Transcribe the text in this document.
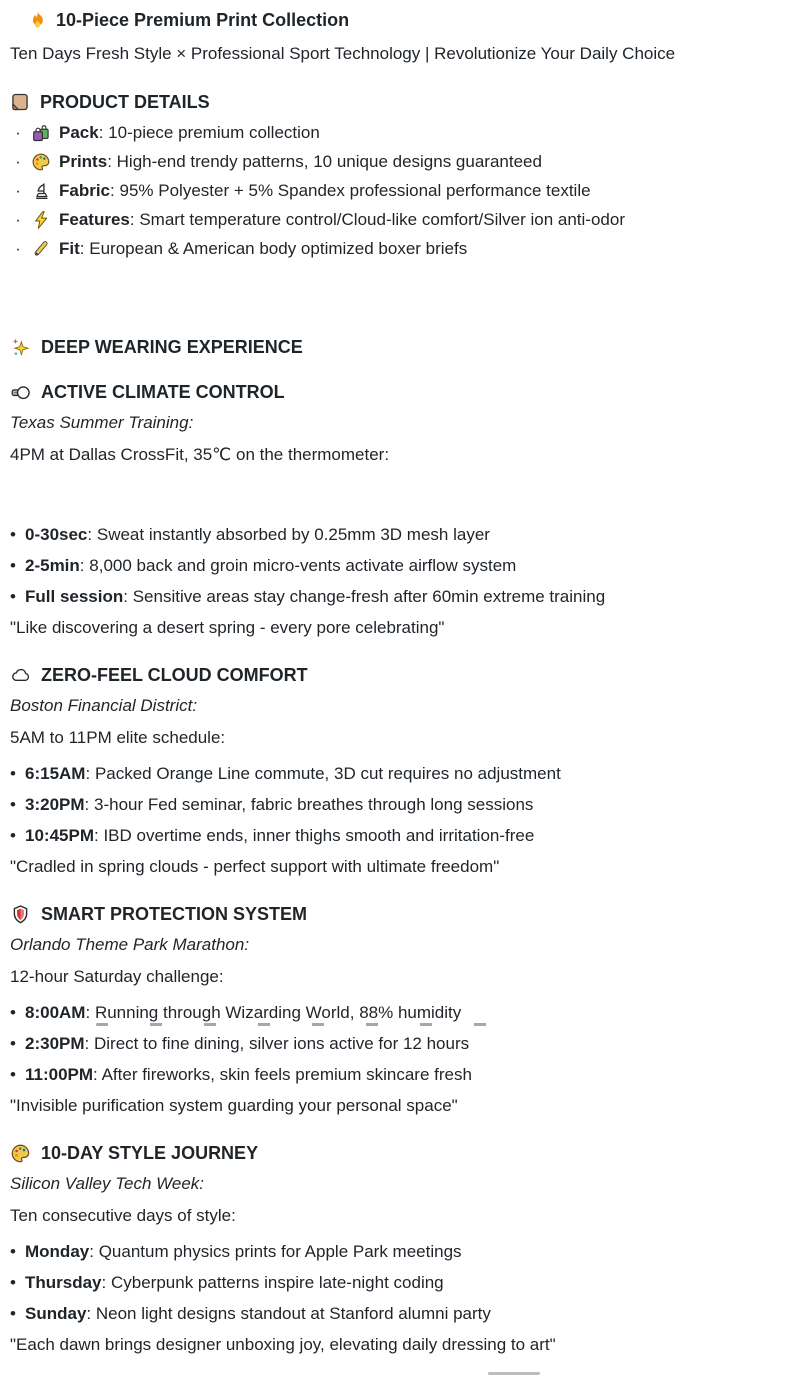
10-Piece Premium Print Collection
Ten Days Fresh Style × Professional Sport Technology | Revolutionize Your Daily Choice
PRODUCT DETAILS
· Pack: 10-piece premium collection
· Prints: High-end trendy patterns, 10 unique designs guaranteed
· Fabric: 95% Polyester + 5% Spandex professional performance textile
· Features: Smart temperature control/Cloud-like comfort/Silver ion anti-odor
· Fit: European & American body optimized boxer briefs
DEEP WEARING EXPERIENCE
ACTIVE CLIMATE CONTROL
Texas Summer Training:
4PM at Dallas CrossFit, 35℃ on the thermometer:
• 0-30sec: Sweat instantly absorbed by 0.25mm 3D mesh layer
• 2-5min: 8,000 back and groin micro-vents activate airflow system
• Full session: Sensitive areas stay change-fresh after 60min extreme training
"Like discovering a desert spring - every pore celebrating"
ZERO-FEEL CLOUD COMFORT
Boston Financial District:
5AM to 11PM elite schedule:
• 6:15AM: Packed Orange Line commute, 3D cut requires no adjustment
• 3:20PM: 3-hour Fed seminar, fabric breathes through long sessions
• 10:45PM: IBD overtime ends, inner thighs smooth and irritation-free
"Cradled in spring clouds - perfect support with ultimate freedom"
SMART PROTECTION SYSTEM
Orlando Theme Park Marathon:
12-hour Saturday challenge:
• 8:00AM: Running through Wizarding World, 88% humidity
• 2:30PM: Direct to fine dining, silver ions active for 12 hours
• 11:00PM: After fireworks, skin feels premium skincare fresh
"Invisible purification system guarding your personal space"
10-DAY STYLE JOURNEY
Silicon Valley Tech Week:
Ten consecutive days of style:
• Monday: Quantum physics prints for Apple Park meetings
• Thursday: Cyberpunk patterns inspire late-night coding
• Sunday: Neon light designs standout at Stanford alumni party
"Each dawn brings designer unboxing joy, elevating daily dressing to art"
